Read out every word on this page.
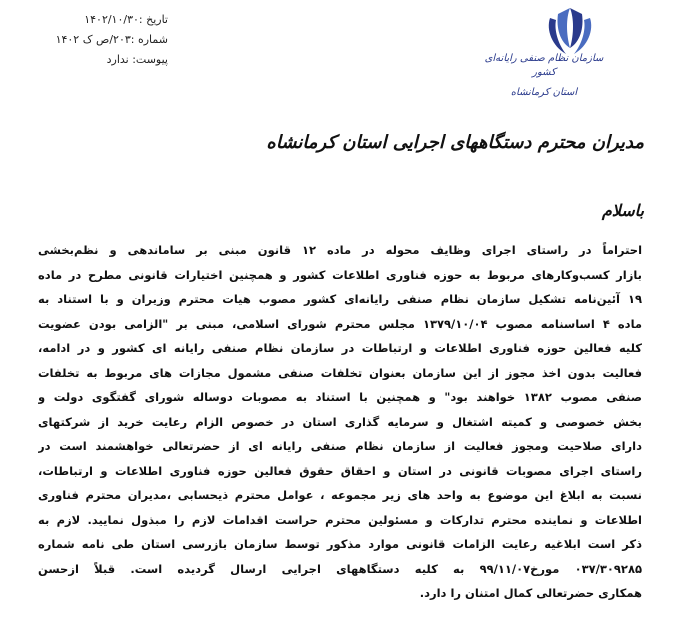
تاریخ :۱۴۰۲/۱۰/۳۰
شماره :۲۰۳/ص ک ۱۴۰۲
پیوست: ندارد	سازمان نظام صنفی رایانه‌ای کشور
استان کرمانشاه
مدیران محترم دستگاههای اجرایی استان کرمانشاه
باسلام
احتراماً در راستای اجرای وظایف محوله در ماده ۱۲ قانون مبنی بر ساماندهی و نظم‌بخشی
بازار کسب‌وکارهای مربوط به حوزه فناوری اطلاعات کشور و همچنین اختیارات قانونی مطرح در ماده
۱۹ آئین‌نامه تشکیل سازمان نظام صنفی رایانه‌ای کشور مصوب هیات محترم وزیران و با استناد به
ماده ۴ اساسنامه مصوب ۱۳۷۹/۱۰/۰۴ مجلس محترم شورای اسلامی، مبنی بر "الزامی بودن عضویت
کلیه فعالین حوزه فناوری اطلاعات و ارتباطات در سازمان نظام صنفی رایانه ای کشور و در ادامه،
فعالیت بدون اخذ مجوز از این سازمان بعنوان تخلفات صنفی مشمول مجازات های مربوط به تخلفات
صنفی مصوب ۱۳۸۲ خواهند بود" و همچنین با استناد به مصوبات دوساله شورای گفتگوی دولت و
بخش خصوصی و کمیته اشتغال و سرمایه گذاری استان در خصوص الزام رعایت خرید از شرکتهای
دارای صلاحیت ومجوز فعالیت از سازمان نظام صنفی رایانه ای از حضرتعالی خواهشمند است در
راستای اجرای مصوبات قانونی در استان و احقاق حقوق فعالین حوزه فناوری اطلاعات و ارتباطات،
نسبت به ابلاغ این موضوع به واحد های زیر مجموعه ، عوامل محترم ذیحسابی ،مدیران محترم فناوری
اطلاعات و نماینده محترم تدارکات و مسئولین محترم حراست اقدامات لازم را مبذول نمایید. لازم به
ذکر است ابلاغیه رعایت الزامات قانونی موارد مذکور توسط سازمان بازرسی استان طی نامه شماره
۰۳۷/۳۰۹۲۸۵ مورخ۹۹/۱۱/۰۷ به کلیه دستگاههای اجرایی ارسال گردیده است. قبلاً ازحسن
همکاری حضرتعالی کمال امتنان را دارد.
